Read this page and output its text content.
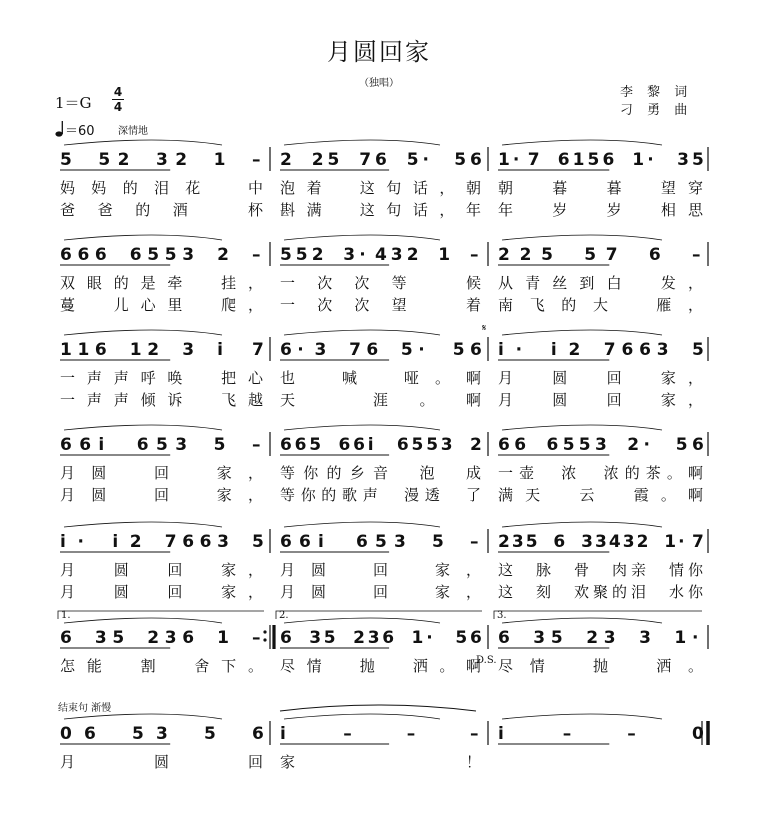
月圆回家
（独唱）
1＝G
4
4
＝60 深情地
李 黎 词
刁 勇 曲
5 52 32 1 – 2 25 76 5· 56 1·7 6156 1· 35
妈妈的泪花 中 泡着 这句话，朝 朝 暮 暮 望穿
爸爸的酒 杯 斟满 这句话，年 年 岁 岁 相思
666 6553 2 – 552 3·432 1 – 225 57 6 –
双眼的是牵 挂， 一次次等 候 从青丝到白 发，
蔓 儿心里 爬， 一次次望 着 南飞的大 雁，
116 12 3 i 7 6·3 76 5· 56 i· i2 7663 5
一声声呼唤 把心 也 喊 哑。啊 月 圆 回 家，
一声声倾诉 飞越 天 涯。啊 月 圆 回 家，
66i 653 5 – 665 66i 6553 2 66 6553 2· 56
月圆 回 家， 等你的乡音 泡 成 一壶 浓 浓的茶。啊
月圆 回 家， 等你的歌声 漫透 了 满天 云 霞。啊
i· i2 7663 5 66i 653 5 – 235 6 33432 1·7
月 圆 回 家， 月圆 回 家， 这 脉 骨 肉亲 情你
月 圆 回 家， 月圆 回 家， 这 刻 欢聚的泪 水你
1.	2.	3.
6 35 236 1 – 6 35 236 1· 56 6 35 23 3 1·
怎能 割 舍下。 尽情 抛 洒。啊 尽情 抛 洒。
D.S.
06 53 5 6 i – – – i – – 0
月 圆 回 家！
结束句 渐慢
𝄋
